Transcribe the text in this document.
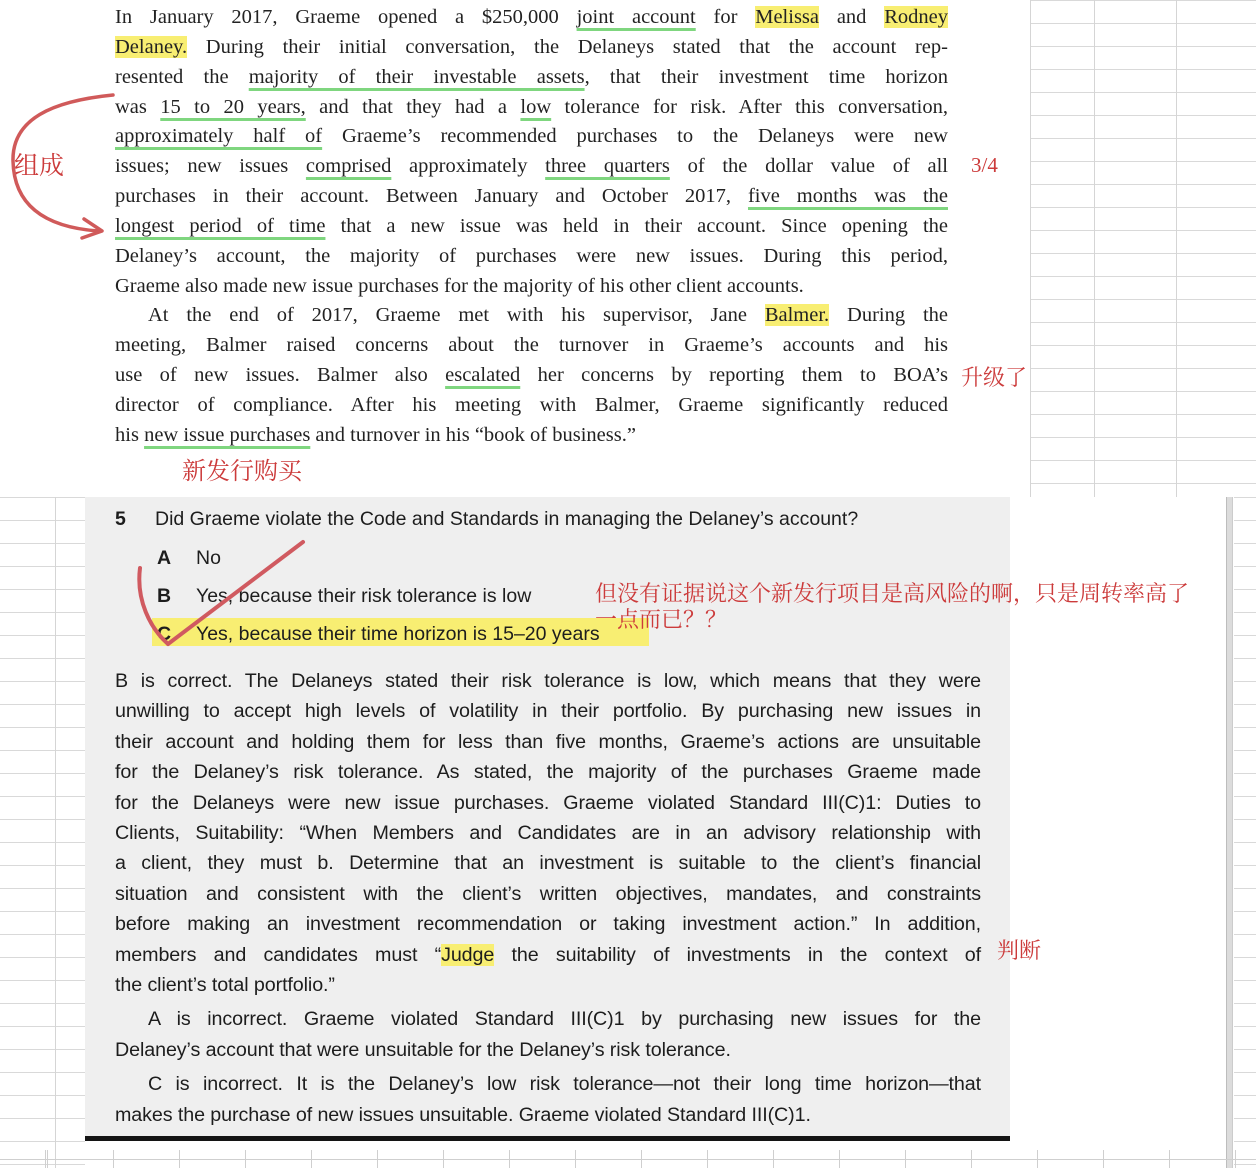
In January 2017, Graeme opened a $250,000 joint account for Melissa and Rodney
Delaney. During their initial conversation, the Delaneys stated that the account rep-
resented the majority of their investable assets, that their investment time horizon
was 15 to 20 years, and that they had a low tolerance for risk. After this conversation,
approximately half of Graeme’s recommended purchases to the Delaneys were new
issues; new issues comprised approximately three quarters of the dollar value of all
purchases in their account. Between January and October 2017, five months was the
longest period of time that a new issue was held in their account. Since opening the
Delaney’s account, the majority of purchases were new issues. During this period,
Graeme also made new issue purchases for the majority of his other client accounts.
At the end of 2017, Graeme met with his supervisor, Jane Balmer. During the
meeting, Balmer raised concerns about the turnover in Graeme’s accounts and his
use of new issues. Balmer also escalated her concerns by reporting them to BOA’s
director of compliance. After his meeting with Balmer, Graeme significantly reduced
his new issue purchases and turnover in his “book of business.”
组成	3/4
升级了
新发行购买
5 Did Graeme violate the Code and Standards in managing the Delaney’s account?
A No
B Yes, because their risk tolerance is low
C Yes, because their time horizon is 15–20 years
B is correct. The Delaneys stated their risk tolerance is low, which means that they were
unwilling to accept high levels of volatility in their portfolio. By purchasing new issues in
their account and holding them for less than five months, Graeme’s actions are unsuitable
for the Delaney’s risk tolerance. As stated, the majority of the purchases Graeme made
for the Delaneys were new issue purchases. Graeme violated Standard III(C)1: Duties to
Clients, Suitability: “When Members and Candidates are in an advisory relationship with
a client, they must b. Determine that an investment is suitable to the client’s financial
situation and consistent with the client’s written objectives, mandates, and constraints
before making an investment recommendation or taking investment action.” In addition,
members and candidates must “Judge the suitability of investments in the context of
the client’s total portfolio.”
A is incorrect. Graeme violated Standard III(C)1 by purchasing new issues for the
Delaney’s account that were unsuitable for the Delaney’s risk tolerance.
C is incorrect. It is the Delaney’s low risk tolerance—not their long time horizon—that
makes the purchase of new issues unsuitable. Graeme violated Standard III(C)1.
但没有证据说这个新发行项目是高风险的啊，只是周转率高了
一点而已？？
判断
